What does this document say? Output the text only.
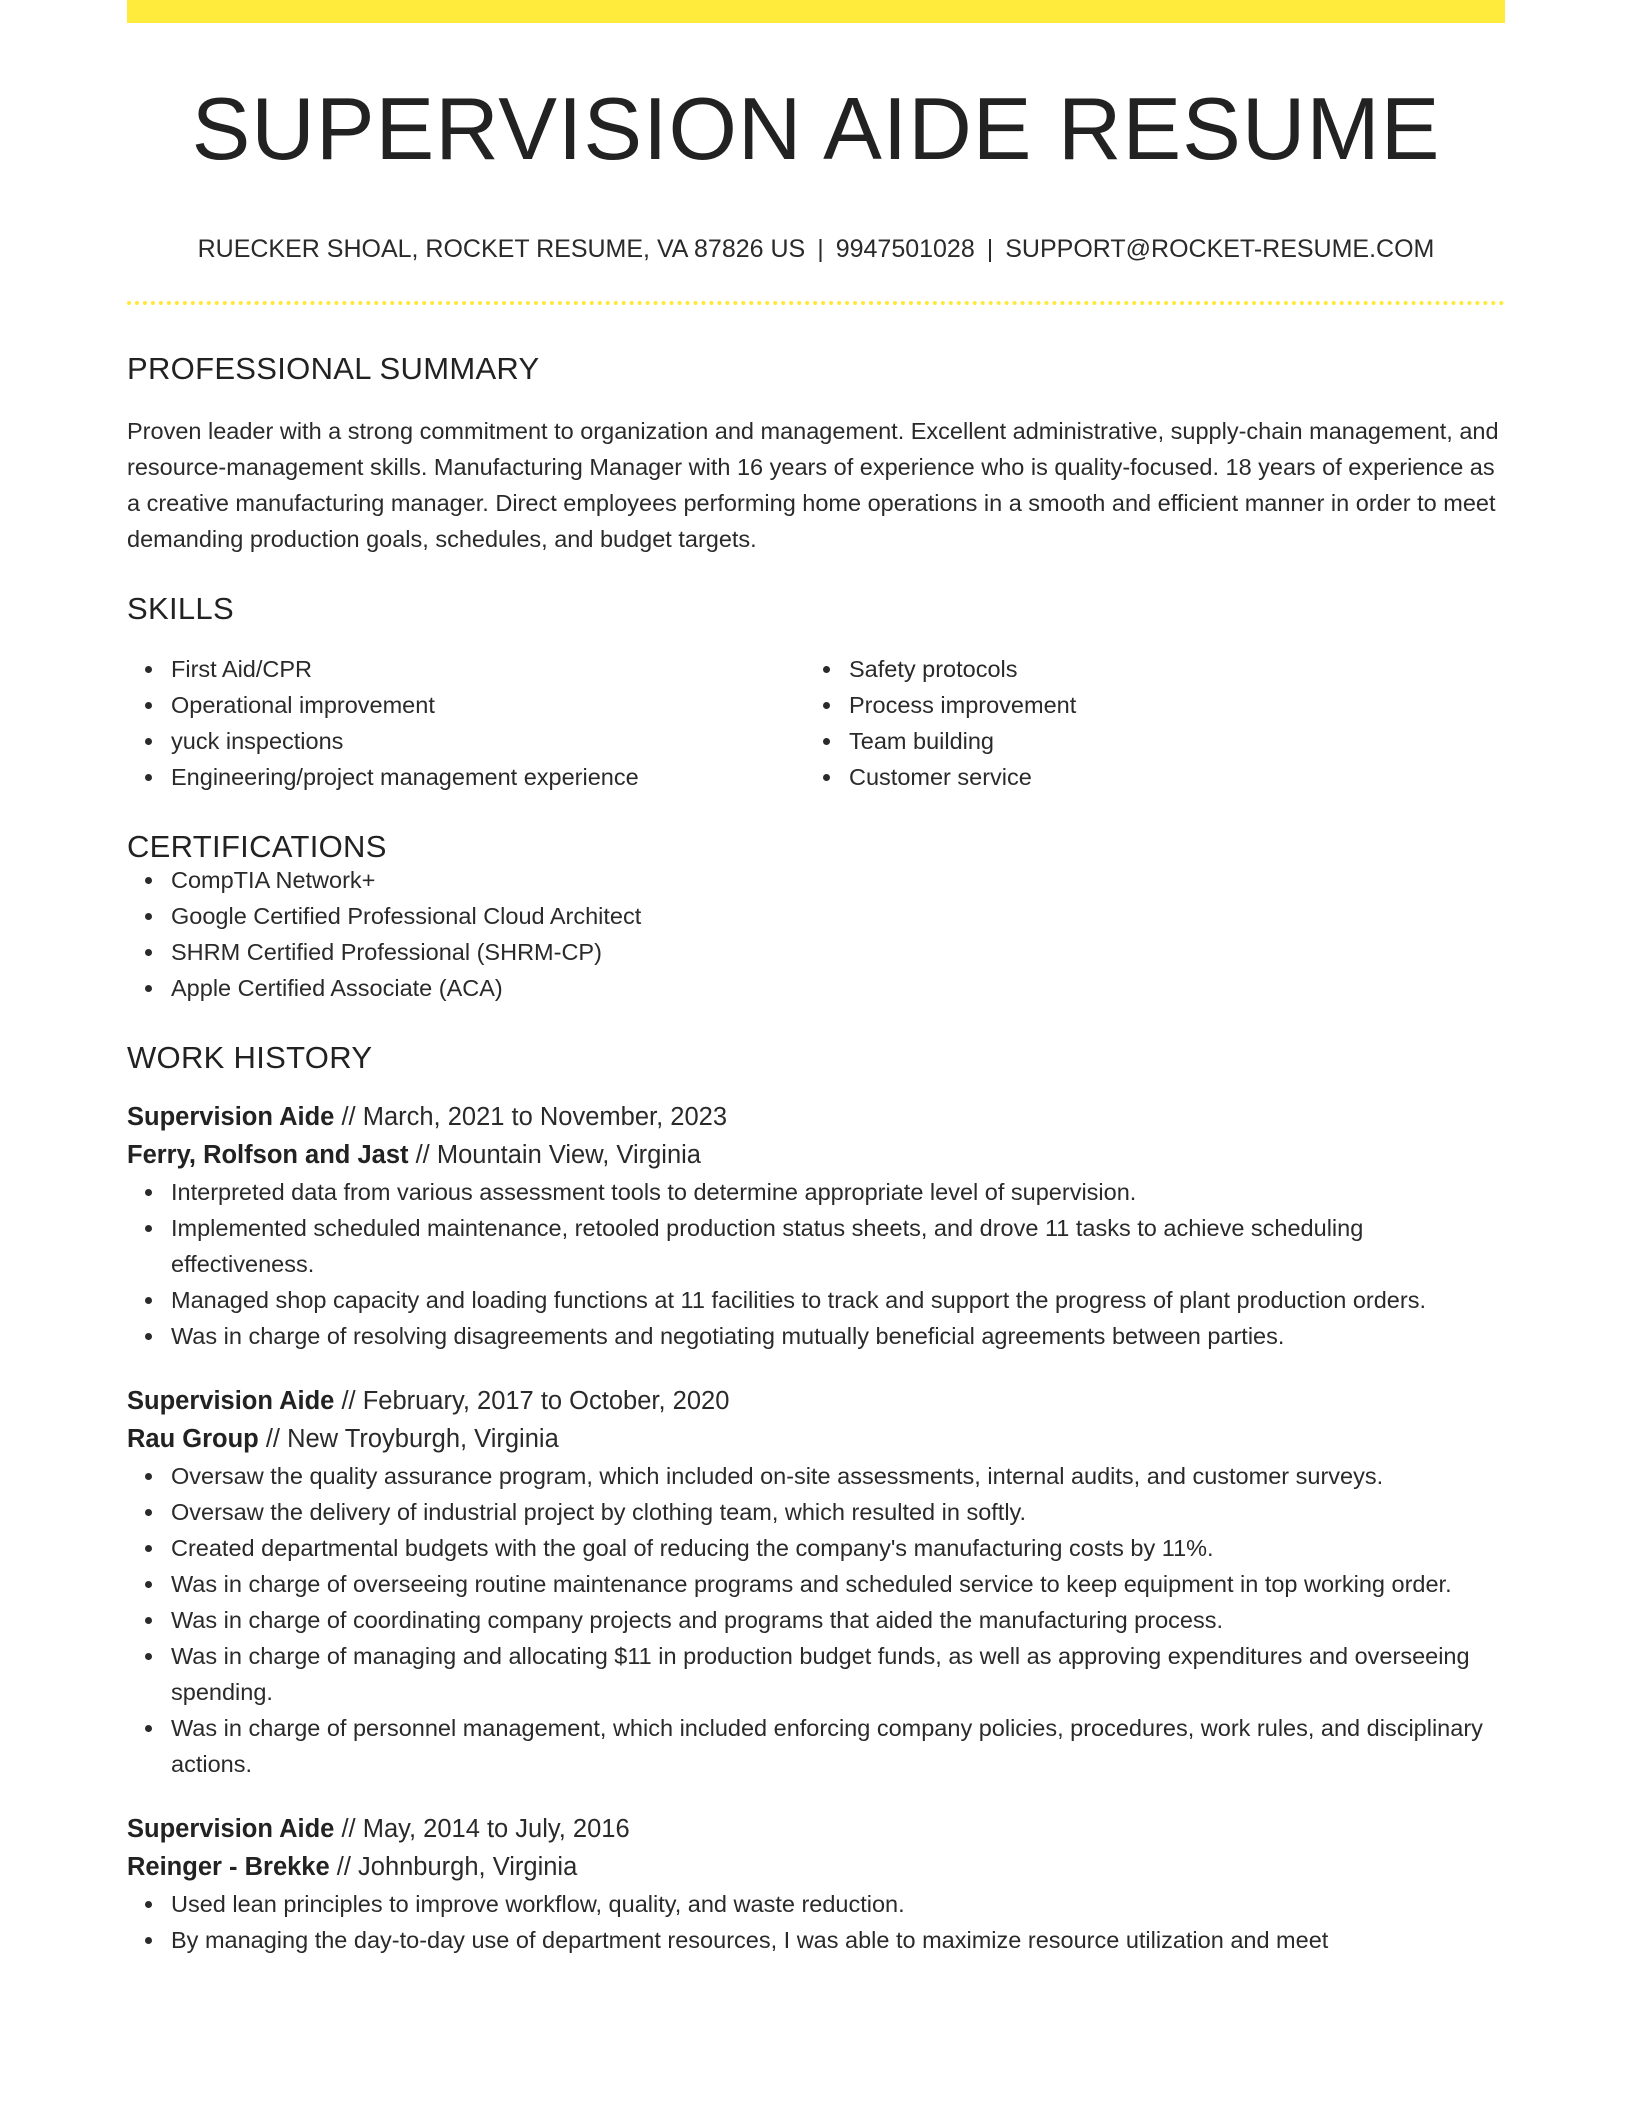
SUPERVISION AIDE RESUME
RUECKER SHOAL, ROCKET RESUME, VA 87826 US | 9947501028 | SUPPORT@ROCKET-RESUME.COM
PROFESSIONAL SUMMARY

Proven leader with a strong commitment to organization and management. Excellent administrative, supply-chain management, and resource-management skills. Manufacturing Manager with 16 years of experience who is quality-focused. 18 years of experience as a creative manufacturing manager. Direct employees performing home operations in a smooth and efficient manner in order to meet demanding production goals, schedules, and budget targets.

SKILLS
First Aid/CPR
Operational improvement
yuck inspections
Engineering/project management experience
Safety protocols
Process improvement
Team building
Customer service
CERTIFICATIONS
CompTIA Network+
Google Certified Professional Cloud Architect
SHRM Certified Professional (SHRM-CP)
Apple Certified Associate (ACA)
WORK HISTORY
Supervision Aide // March, 2021 to November, 2023
Ferry, Rolfson and Jast // Mountain View, Virginia
Interpreted data from various assessment tools to determine appropriate level of supervision.
Implemented scheduled maintenance, retooled production status sheets, and drove 11 tasks to achieve scheduling effectiveness.
Managed shop capacity and loading functions at 11 facilities to track and support the progress of plant production orders.
Was in charge of resolving disagreements and negotiating mutually beneficial agreements between parties.
Supervision Aide // February, 2017 to October, 2020
Rau Group // New Troyburgh, Virginia
Oversaw the quality assurance program, which included on-site assessments, internal audits, and customer surveys.
Oversaw the delivery of industrial project by clothing team, which resulted in softly.
Created departmental budgets with the goal of reducing the company's manufacturing costs by 11%.
Was in charge of overseeing routine maintenance programs and scheduled service to keep equipment in top working order.
Was in charge of coordinating company projects and programs that aided the manufacturing process.
Was in charge of managing and allocating $11 in production budget funds, as well as approving expenditures and overseeing spending.
Was in charge of personnel management, which included enforcing company policies, procedures, work rules, and disciplinary actions.
Supervision Aide // May, 2014 to July, 2016
Reinger - Brekke // Johnburgh, Virginia
Used lean principles to improve workflow, quality, and waste reduction.
By managing the day-to-day use of department resources, I was able to maximize resource utilization and meet
